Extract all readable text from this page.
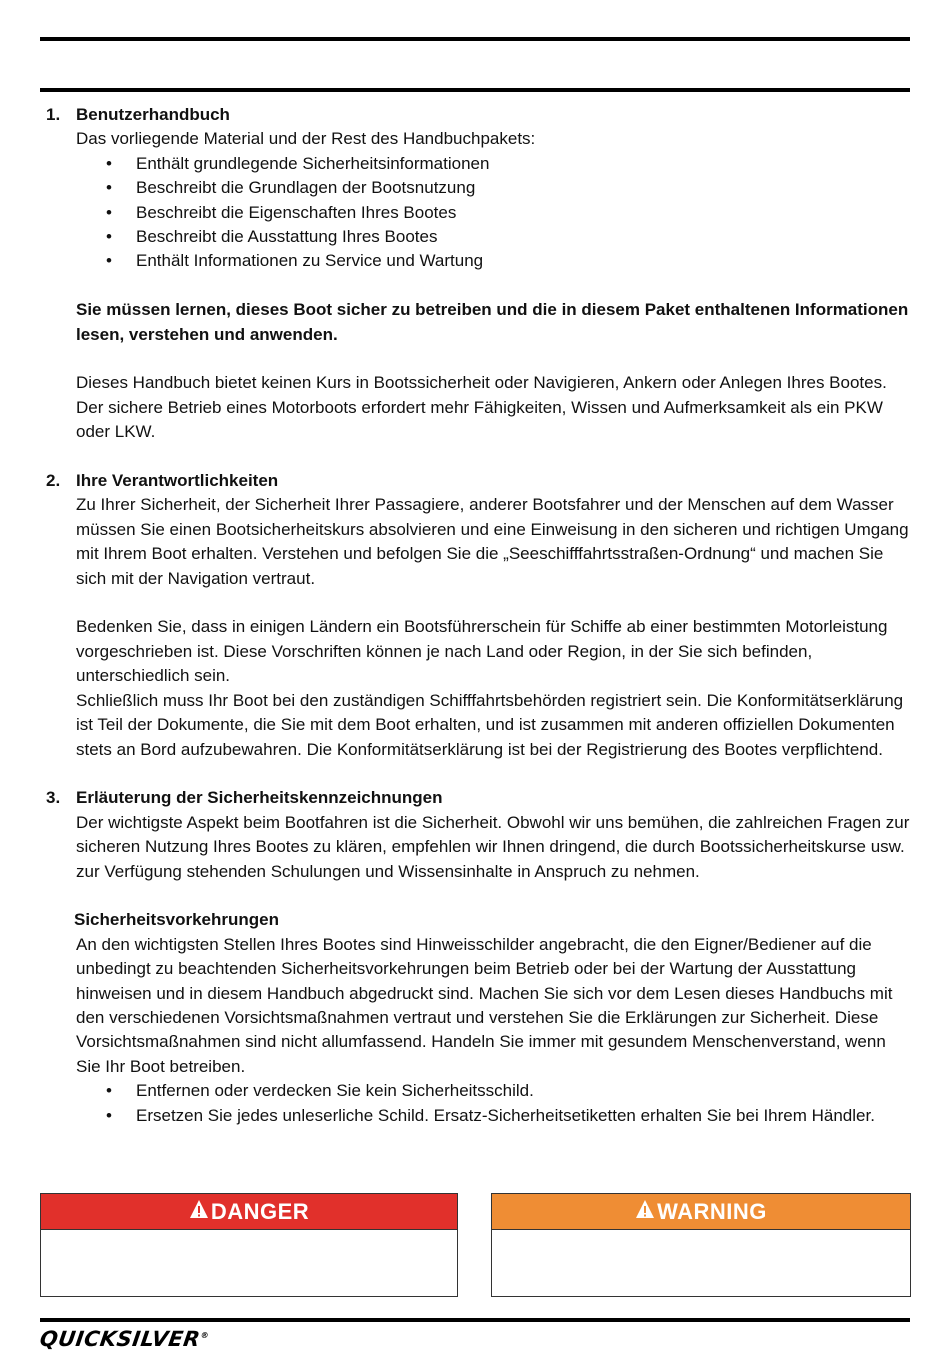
1. Benutzerhandbuch

Das vorliegende Material und der Rest des Handbuchpakets:

• Enthält grundlegende Sicherheitsinformationen
• Beschreibt die Grundlagen der Bootsnutzung
• Beschreibt die Eigenschaften Ihres Bootes
• Beschreibt die Ausstattung Ihres Bootes
• Enthält Informationen zu Service und Wartung

Sie müssen lernen, dieses Boot sicher zu betreiben und die in diesem Paket enthaltenen Informationen lesen, verstehen und anwenden.

Dieses Handbuch bietet keinen Kurs in Bootssicherheit oder Navigieren, Ankern oder Anlegen Ihres Bootes. Der sichere Betrieb eines Motorboots erfordert mehr Fähigkeiten, Wissen und Aufmerksamkeit als ein PKW oder LKW.

2. Ihre Verantwortlichkeiten

Zu Ihrer Sicherheit, der Sicherheit Ihrer Passagiere, anderer Bootsfahrer und der Menschen auf dem Wasser müssen Sie einen Bootsicherheitskurs absolvieren und eine Einweisung in den sicheren und richtigen Umgang mit Ihrem Boot erhalten. Verstehen und befolgen Sie die „Seeschifffahrtsstraßen-Ordnung“ und machen Sie sich mit der Navigation vertraut.

Bedenken Sie, dass in einigen Ländern ein Bootsführerschein für Schiffe ab einer bestimmten Motorleistung vorgeschrieben ist. Diese Vorschriften können je nach Land oder Region, in der Sie sich befinden, unterschiedlich sein.

Schließlich muss Ihr Boot bei den zuständigen Schifffahrtsbehörden registriert sein. Die Konformitätserklärung ist Teil der Dokumente, die Sie mit dem Boot erhalten, und ist zusammen mit anderen offiziellen Dokumenten stets an Bord aufzubewahren. Die Konformitätserklärung ist bei der Registrierung des Bootes verpflichtend.

3. Erläuterung der Sicherheitskennzeichnungen

Der wichtigste Aspekt beim Bootfahren ist die Sicherheit. Obwohl wir uns bemühen, die zahlreichen Fragen zur sicheren Nutzung Ihres Bootes zu klären, empfehlen wir Ihnen dringend, die durch Bootssicherheitskurse usw. zur Verfügung stehenden Schulungen und Wissensinhalte in Anspruch zu nehmen.

Sicherheitsvorkehrungen

An den wichtigsten Stellen Ihres Bootes sind Hinweisschilder angebracht, die den Eigner/Bediener auf die unbedingt zu beachtenden Sicherheitsvorkehrungen beim Betrieb oder bei der Wartung der Ausstattung hinweisen und in diesem Handbuch abgedruckt sind. Machen Sie sich vor dem Lesen dieses Handbuchs mit den verschiedenen Vorsichtsmaßnahmen vertraut und verstehen Sie die Erklärungen zur Sicherheit. Diese Vorsichtsmaßnahmen sind nicht allumfassend. Handeln Sie immer mit gesundem Menschenverstand, wenn Sie Ihr Boot betreiben.

• Entfernen oder verdecken Sie kein Sicherheitsschild.
• Ersetzen Sie jedes unleserliche Schild. Ersatz-Sicherheitsetiketten erhalten Sie bei Ihrem Händler.
DANGER	WARNING
QUICKSILVER®
